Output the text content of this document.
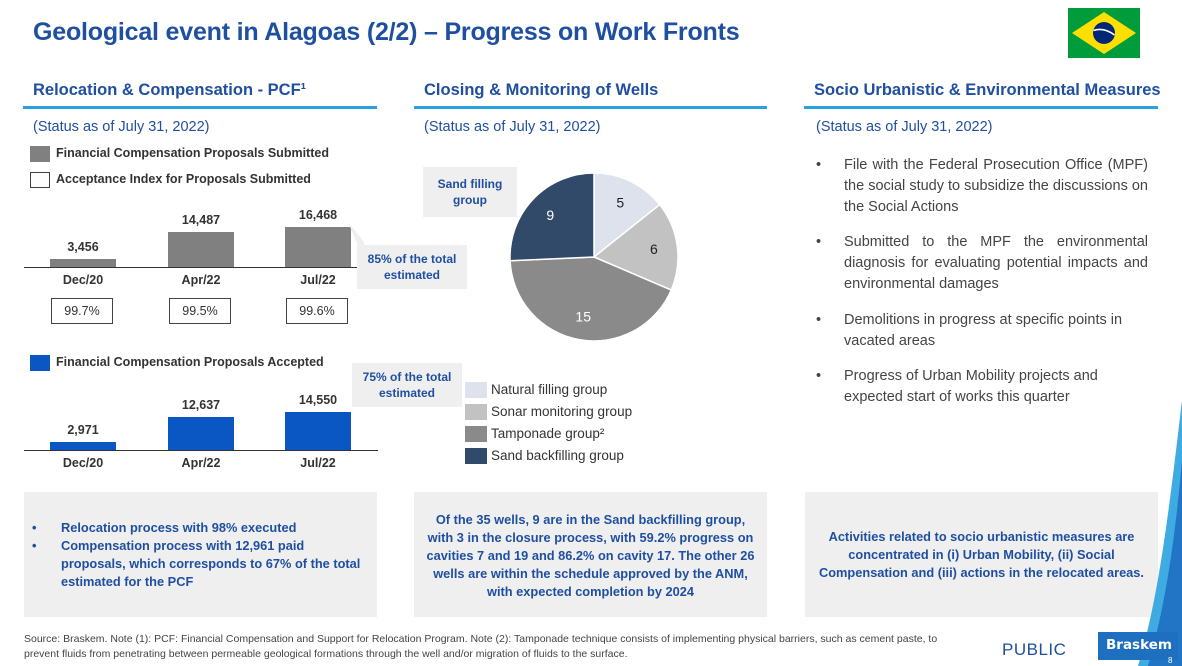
Geological event in Alagoas (2/2) – Progress on Work Fronts
Relocation & Compensation - PCF¹
(Status as of July 31, 2022)
Financial Compensation Proposals Submitted
Acceptance Index for Proposals Submitted
3,456
Dec/20
14,487
Apr/22
16,468
Jul/22
99.7%	99.5%	99.6%
85% of the total estimated
Financial Compensation Proposals Accepted
75% of the total estimated
2,971
Dec/20
12,637
Apr/22
14,550
Jul/22
• Relocation process with 98% executed
• Compensation process with 12,961 paid proposals, which corresponds to 67% of the total estimated for the PCF
Closing & Monitoring of Wells
(Status as of July 31, 2022)
Sand filling group	5
6
15
9
Natural filling group
Sonar monitoring group
Tamponade group²
Sand backfilling group
Of the 35 wells, 9 are in the Sand backfilling group, with 3 in the closure process, with 59.2% progress on cavities 7 and 19 and 86.2% on cavity 17. The other 26 wells are within the schedule approved by the ANM, with expected completion by 2024
Socio Urbanistic & Environmental Measures
(Status as of July 31, 2022)
• File with the Federal Prosecution Office (MPF) the social study to subsidize the discussions on the Social Actions
• Submitted to the MPF the environmental diagnosis for evaluating potential impacts and environmental damages
• Demolitions in progress at specific points in vacated areas
• Progress of Urban Mobility projects and expected start of works this quarter
Activities related to socio urbanistic measures are concentrated in (i) Urban Mobility, (ii) Social Compensation and (iii) actions in the relocated areas.
Source: Braskem. Note (1): PCF: Financial Compensation and Support for Relocation Program. Note (2): Tamponade technique consists of implementing physical barriers, such as cement paste, to prevent fluids from penetrating between permeable geological formations through the well and/or migration of fluids to the surface.	PUBLIC	Braskem
8
